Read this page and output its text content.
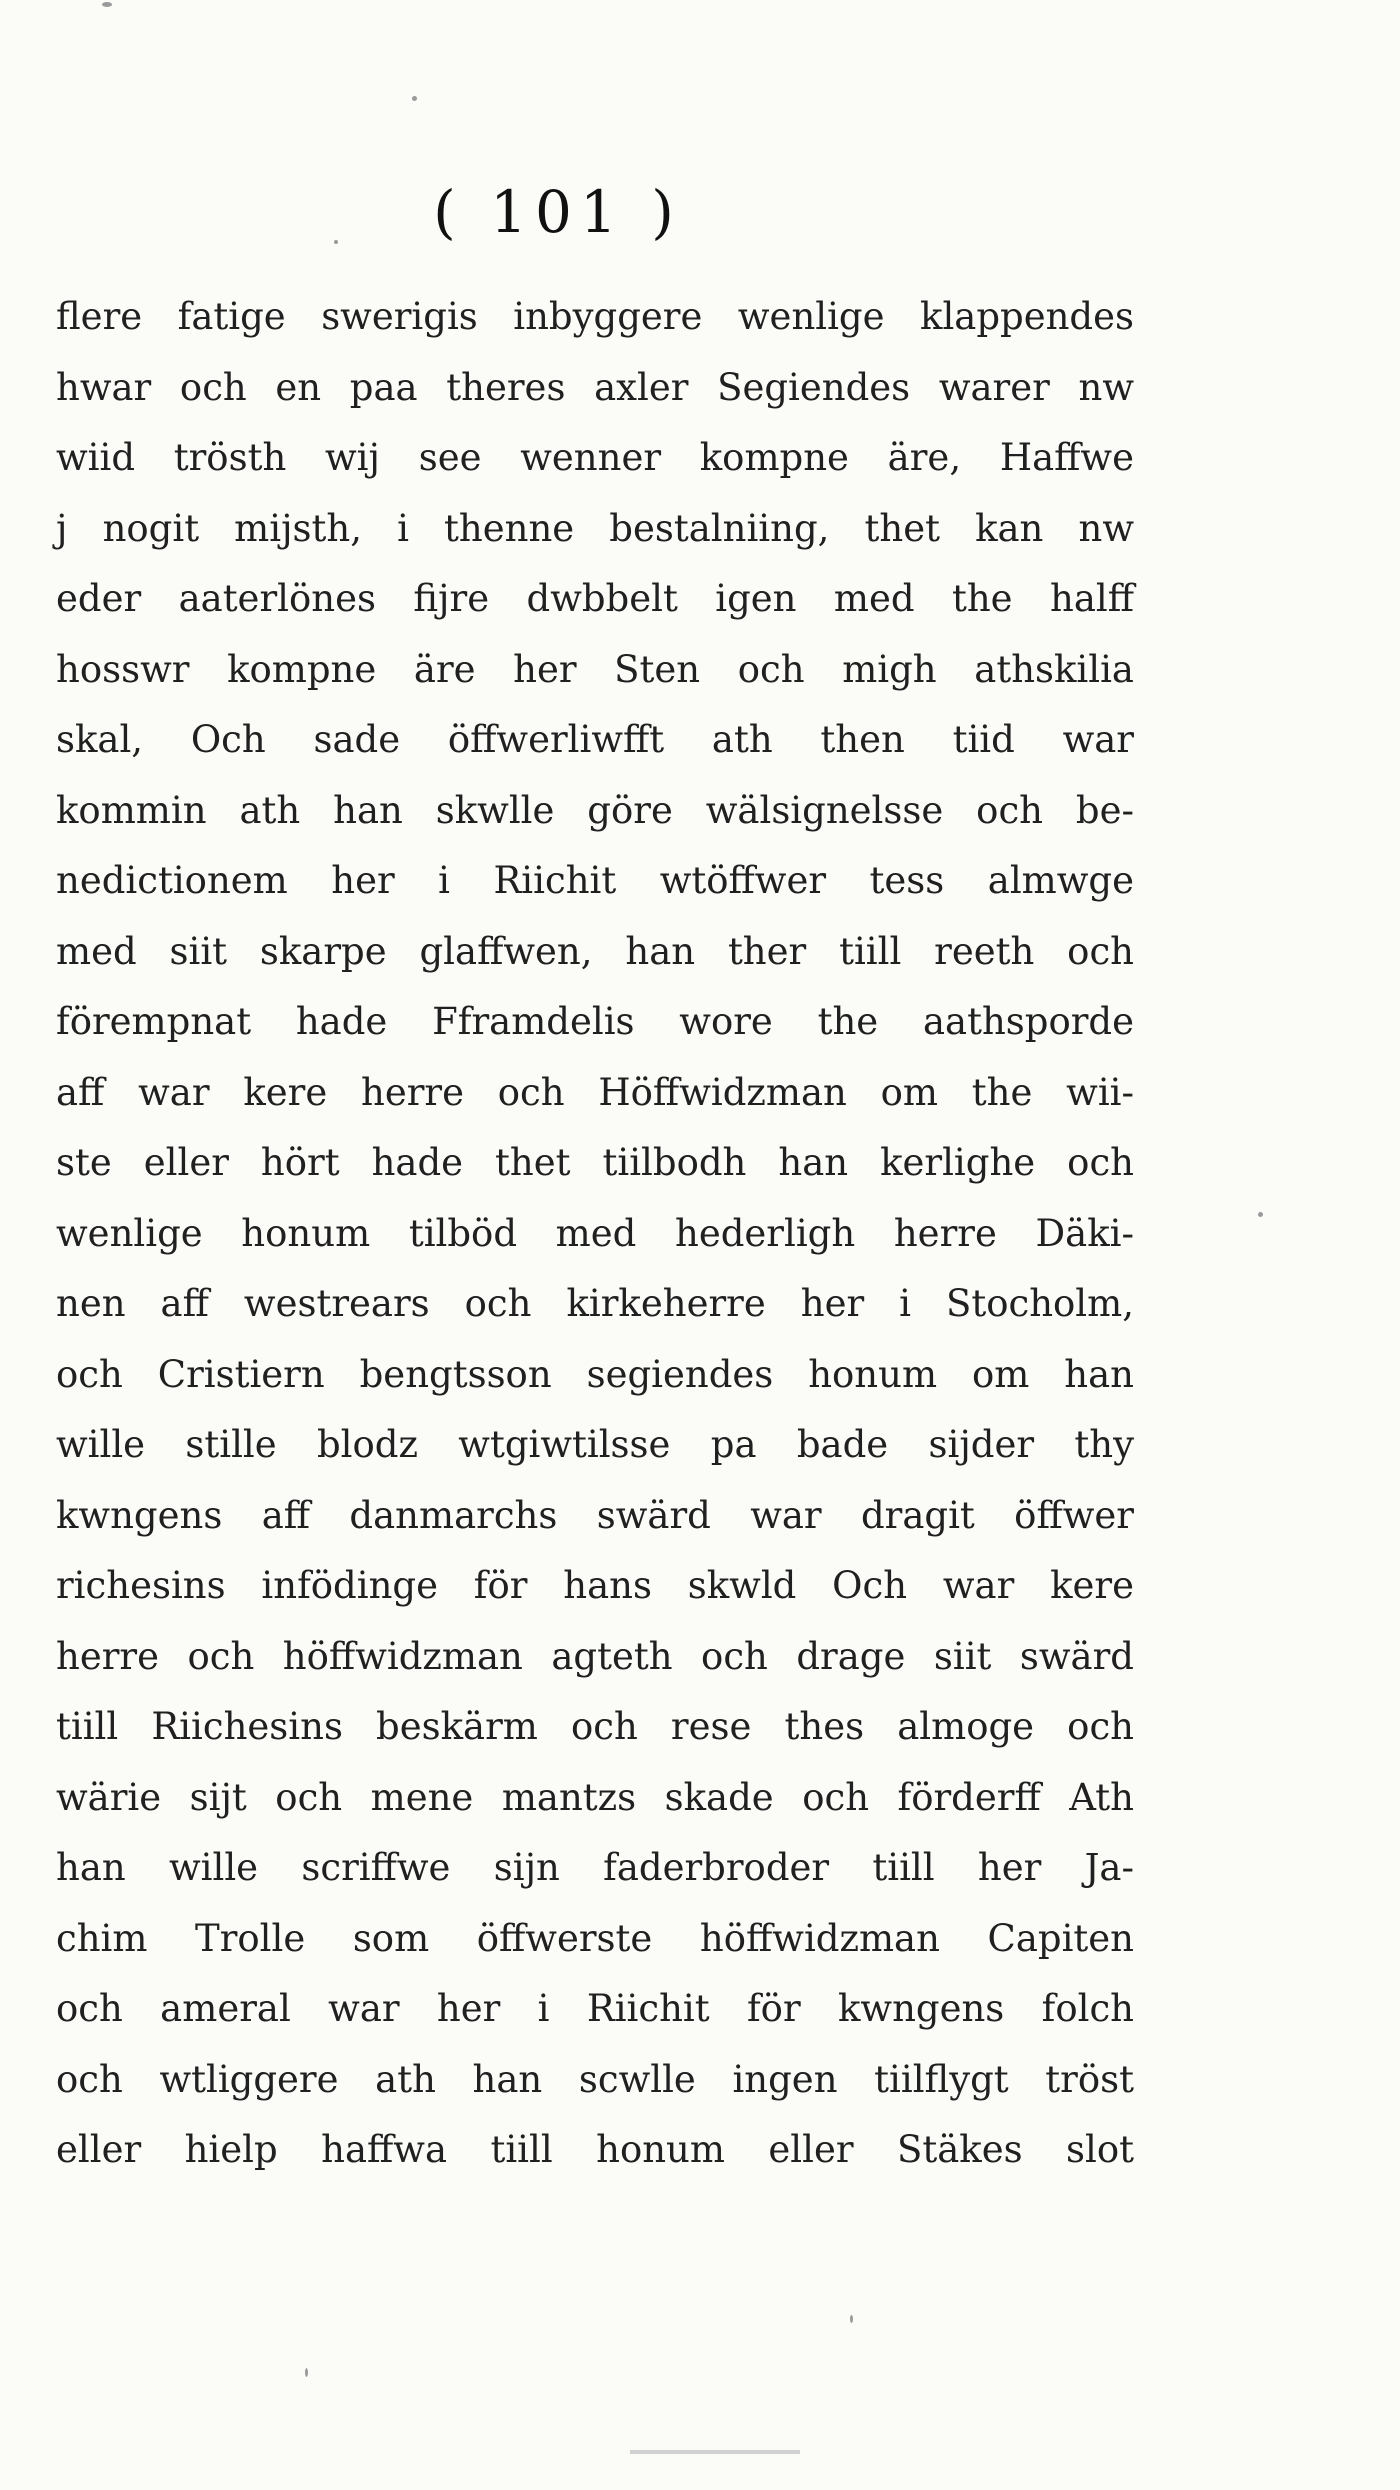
( 101 )
flere fatige swerigis inbyggere wenlige klappendes
hwar och en paa theres axler Segiendes warer nw
wiid trösth wij see wenner kompne äre, Haffwe
j nogit mijsth, i thenne bestalniing, thet kan nw
eder aaterlönes fijre dwbbelt igen med the halff
hosswr kompne äre her Sten och migh athskilia
skal, Och sade öffwerliwfft ath then tiid war
kommin ath han skwlle göre wälsignelsse och be-
nedictionem her i Riichit wtöffwer tess almwge
med siit skarpe glaffwen, han ther tiill reeth och
förempnat hade Fframdelis wore the aathsporde
aff war kere herre och Höffwidzman om the wii-
ste eller hört hade thet tiilbodh han kerlighe och
wenlige honum tilböd med hederligh herre Däki-
nen aff westrears och kirkeherre her i Stocholm,
och Cristiern bengtsson segiendes honum om han
wille stille blodz wtgiwtilsse pa bade sijder thy
kwngens aff danmarchs swärd war dragit öffwer
richesins infödinge för hans skwld Och war kere
herre och höffwidzman agteth och drage siit swärd
tiill Riichesins beskärm och rese thes almoge och
wärie sijt och mene mantzs skade och förderff Ath
han wille scriffwe sijn faderbroder tiill her Ja-
chim Trolle som öffwerste höffwidzman Capiten
och ameral war her i Riichit för kwngens folch
och wtliggere ath han scwlle ingen tiilflygt tröst
eller hielp haffwa tiill honum eller Stäkes slot
